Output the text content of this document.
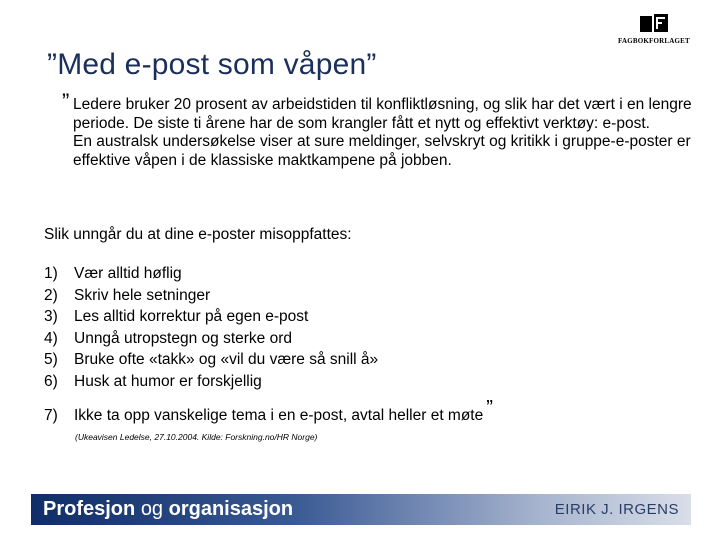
”Med e-post som våpen”
FAGBOKFORLAGET
” Ledere bruker 20 prosent av arbeidstiden til konfliktløsning, og slik har det vært i en lengre periode. De siste ti årene har de som krangler fått et nytt og effektivt verktøy: e-post.

En australsk undersøkelse viser at sure meldinger, selvskryt og kritikk i gruppe-e-poster er effektive våpen i de klassiske maktkampene på jobben.

Slik unngår du at dine e-poster misoppfattes:
1) Vær alltid høflig
2) Skriv hele setninger
3) Les alltid korrektur på egen e-post
4) Unngå utropstegn og sterke ord
5) Bruke ofte «takk» og «vil du være så snill å»
6) Husk at humor er forskjellig
7) Ikke ta opp vanskelige tema i en e-post, avtal heller et møte ”
(Ukeavisen Ledelse, 27.10.2004. Kilde: Forskning.no/HR Norge)
Profesjon og organisasjon	EIRIK J. IRGENS
